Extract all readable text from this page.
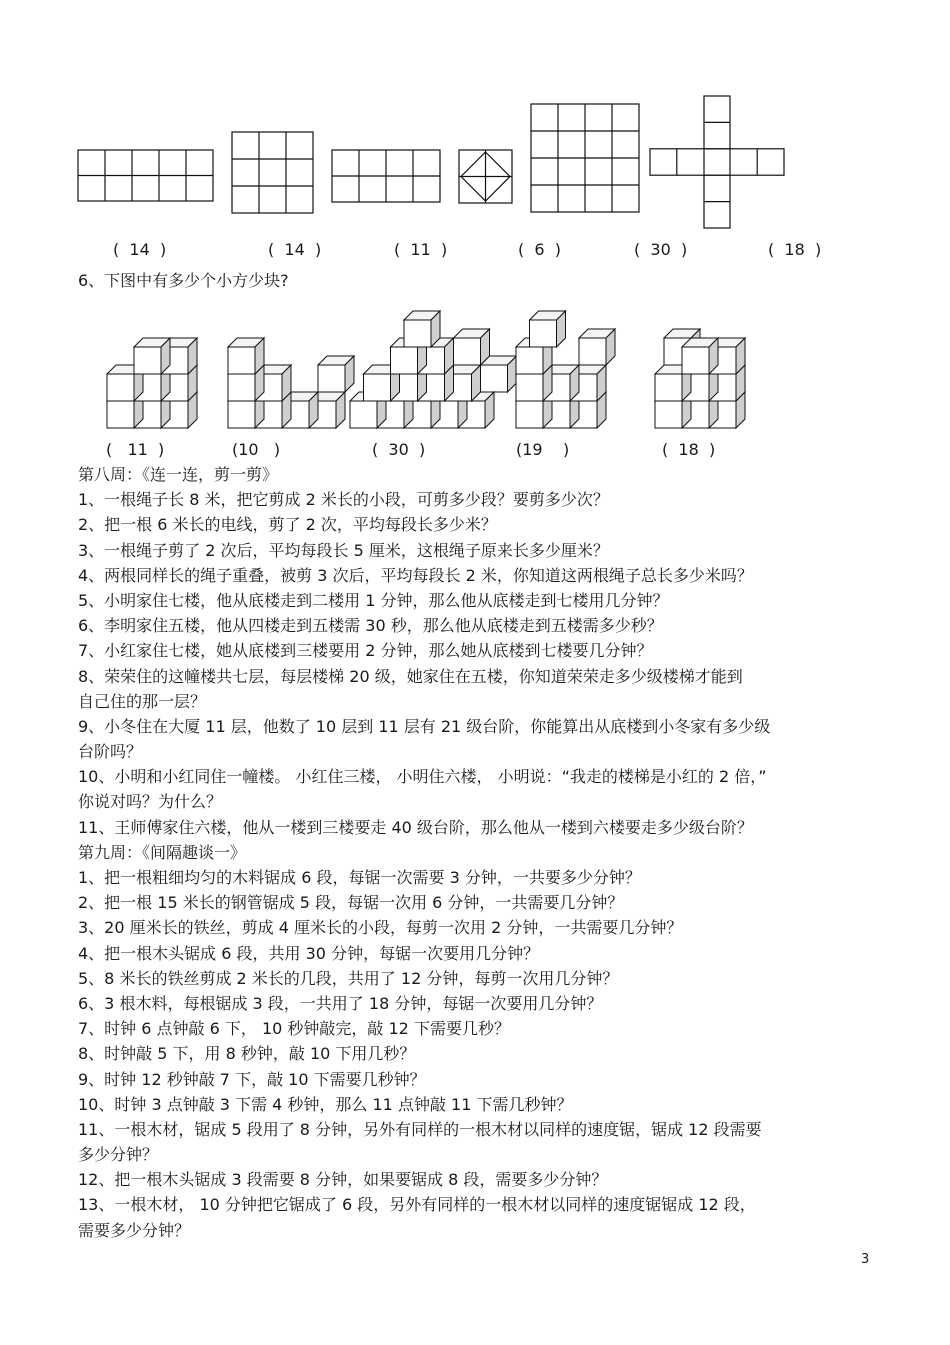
(  14  )	(  14  )	(  11  )	(  6  )	(  30  )	(  18  )
6、下图中有多少个小方少块?
(   11  )	(10   )	(  30  )	(19    )	(  18  )
第八周：《连一连，剪一剪》
1、一根绳子长 8 米，把它剪成 2 米长的小段，可剪多少段？要剪多少次？
2、把一根 6 米长的电线，剪了 2 次，平均每段长多少米？
3、一根绳子剪了 2 次后，平均每段长 5 厘米，这根绳子原来长多少厘米？
4、两根同样长的绳子重叠，被剪 3 次后，平均每段长 2 米，你知道这两根绳子总长多少米吗？
5、小明家住七楼，他从底楼走到二楼用 1 分钟，那么他从底楼走到七楼用几分钟？
6、李明家住五楼，他从四楼走到五楼需 30 秒，那么他从底楼走到五楼需多少秒？
7、小红家住七楼，她从底楼到三楼要用 2 分钟，那么她从底楼到七楼要几分钟？
8、荣荣住的这幢楼共七层，每层楼梯 20 级，她家住在五楼，你知道荣荣走多少级楼梯才能到
自己住的那一层？
9、小冬住在大厦 11 层，他数了 10 层到 11 层有 21 级台阶，你能算出从底楼到小冬家有多少级
台阶吗？
10、小明和小红同住一幢楼。 小红住三楼， 小明住六楼， 小明说：“我走的楼梯是小红的 2 倍，”
你说对吗？为什么？
11、王师傅家住六楼，他从一楼到三楼要走 40 级台阶，那么他从一楼到六楼要走多少级台阶？
第九周：《间隔趣谈一》
1、把一根粗细均匀的木料锯成 6 段，每锯一次需要 3 分钟，一共要多少分钟？
2、把一根 15 米长的钢管锯成 5 段，每锯一次用 6 分钟，一共需要几分钟？
3、20 厘米长的铁丝，剪成 4 厘米长的小段，每剪一次用 2 分钟，一共需要几分钟？
4、把一根木头锯成 6 段，共用 30 分钟，每锯一次要用几分钟？
5、8 米长的铁丝剪成 2 米长的几段，共用了 12 分钟，每剪一次用几分钟？
6、3 根木料，每根锯成 3 段，一共用了 18 分钟，每锯一次要用几分钟？
7、时钟 6 点钟敲 6 下， 10 秒钟敲完，敲 12 下需要几秒？
8、时钟敲 5 下，用 8 秒钟，敲 10 下用几秒？
9、时钟 12 秒钟敲 7 下，敲 10 下需要几秒钟？
10、时钟 3 点钟敲 3 下需 4 秒钟，那么 11 点钟敲 11 下需几秒钟？
11、一根木材，锯成 5 段用了 8 分钟，另外有同样的一根木材以同样的速度锯，锯成 12 段需要
多少分钟？
12、把一根木头锯成 3 段需要 8 分钟，如果要锯成 8 段，需要多少分钟？
13、一根木材， 10 分钟把它锯成了 6 段，另外有同样的一根木材以同样的速度锯锯成 12 段，
需要多少分钟？
3
